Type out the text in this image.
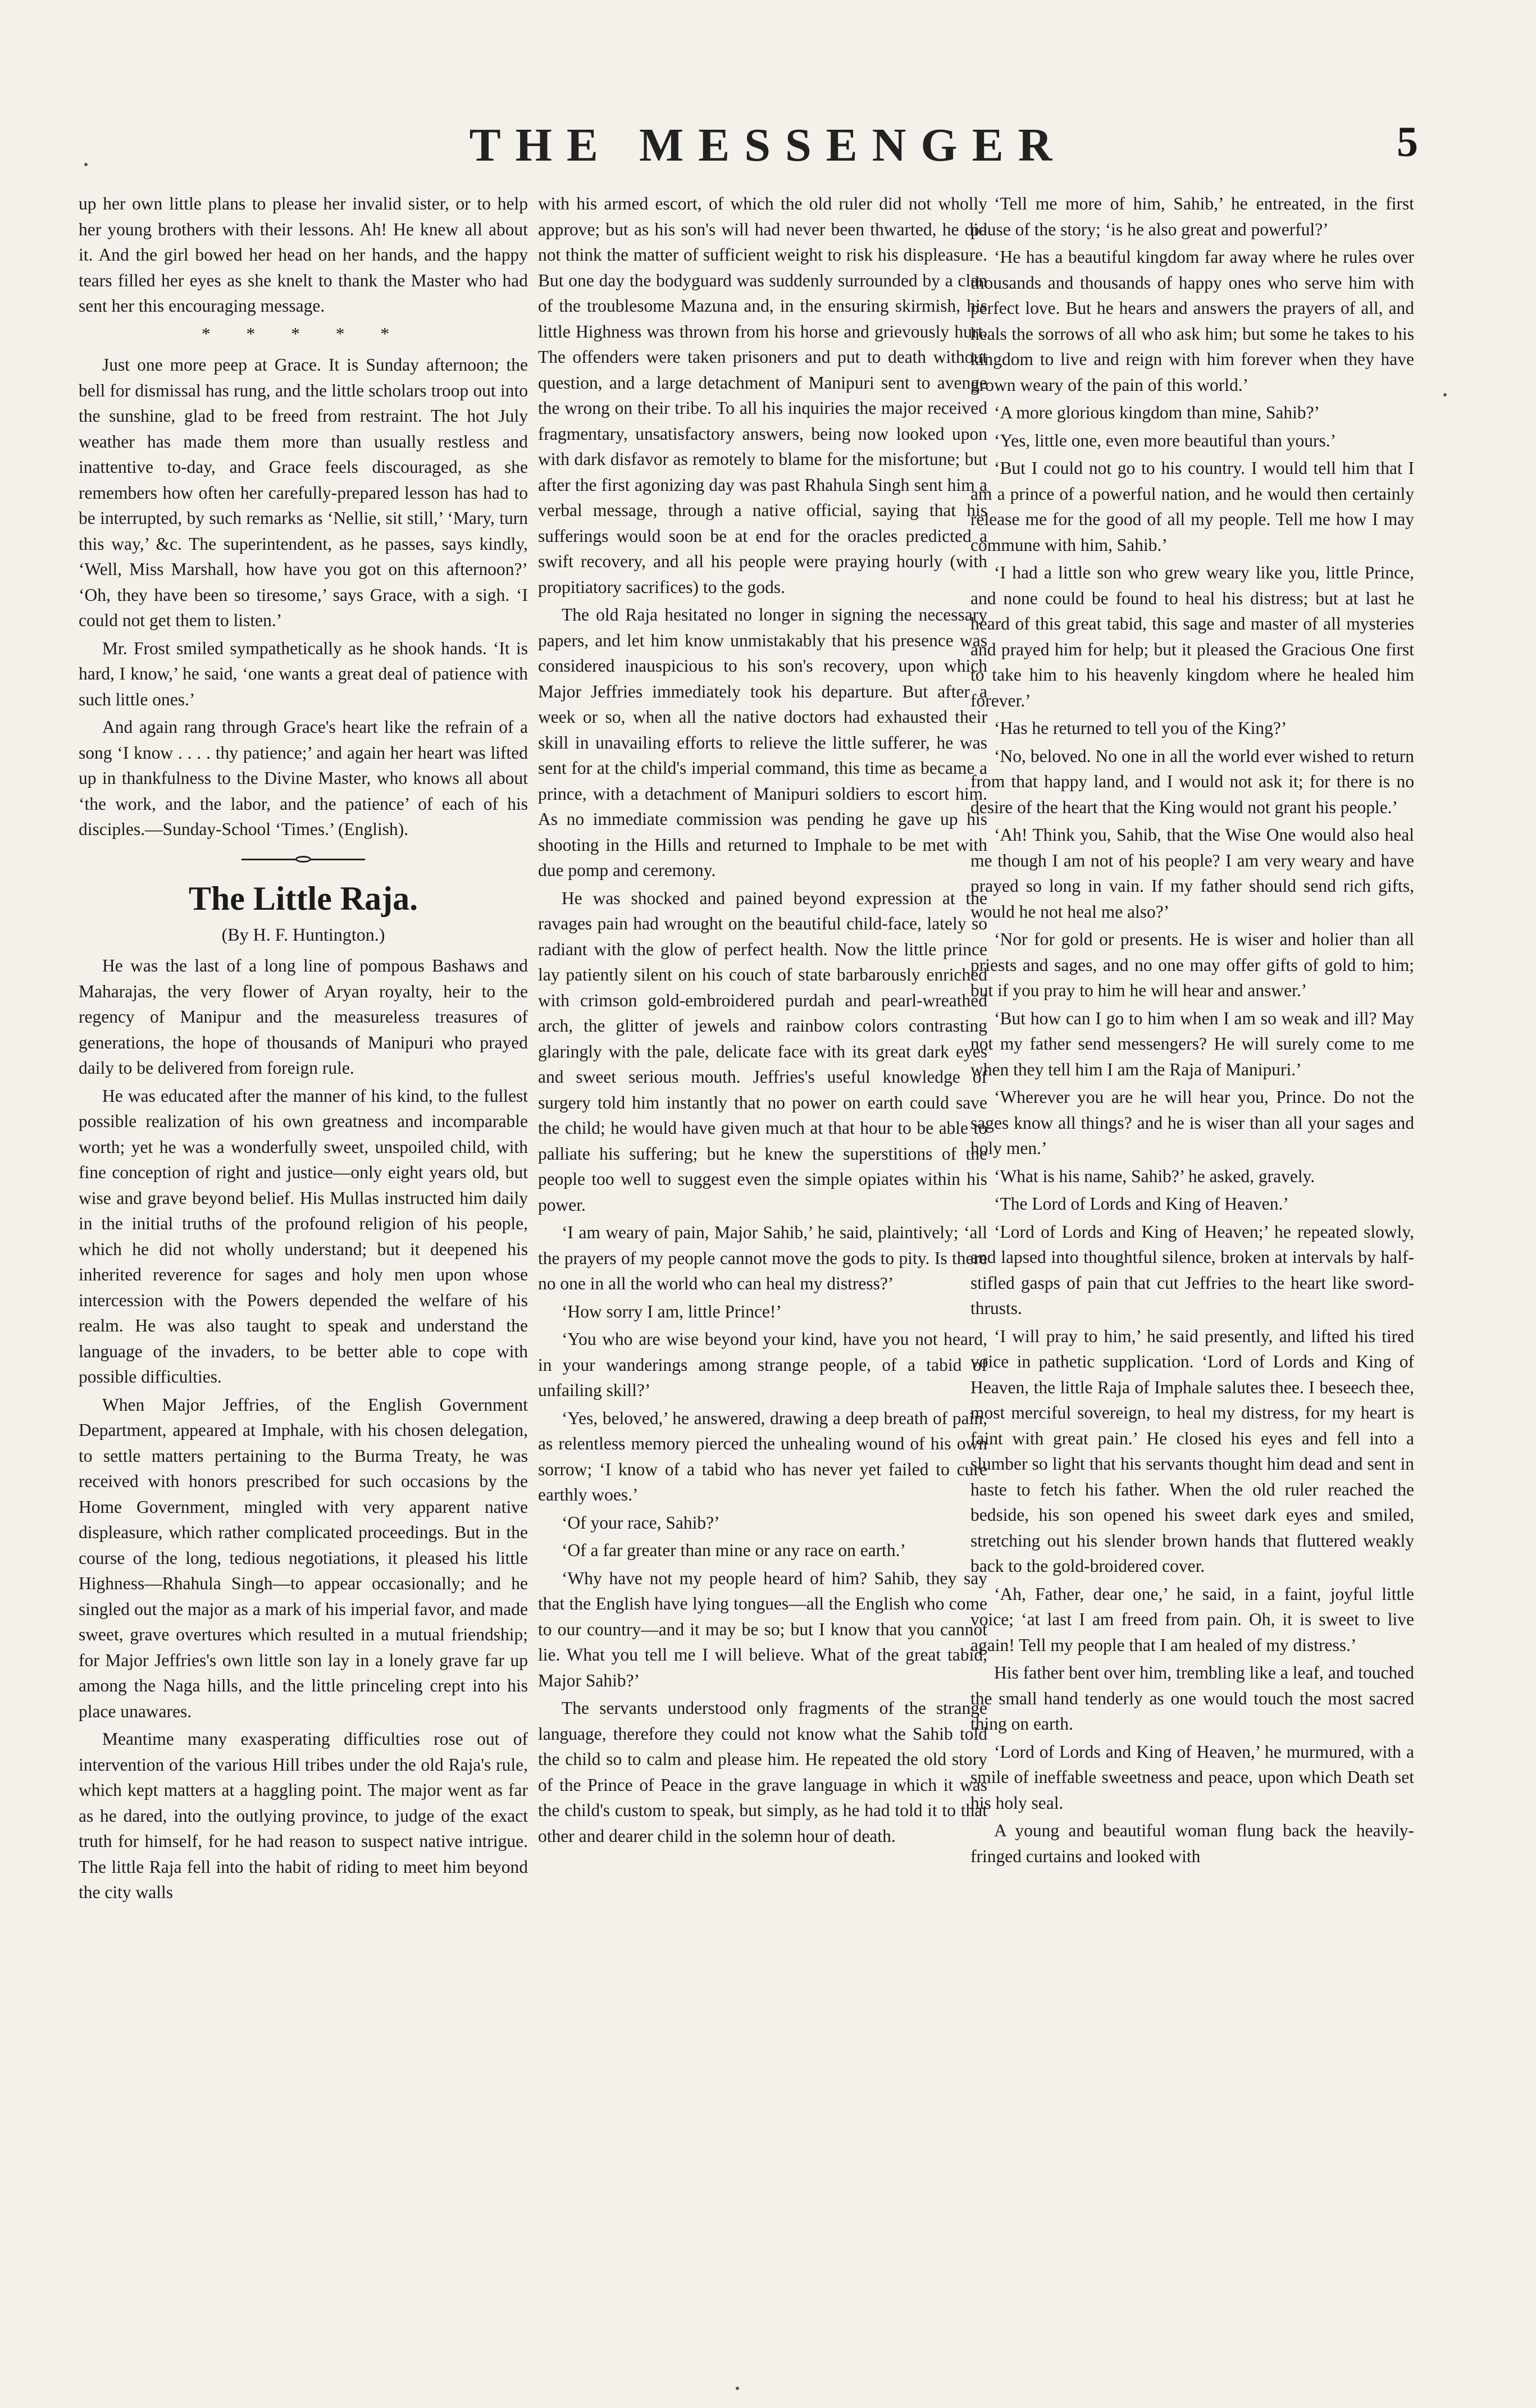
THE MESSENGER	5

up her own little plans to please her invalid sister, or to help her young brothers with their lessons. Ah! He knew all about it. And the girl bowed her head on her hands, and the happy tears filled her eyes as she knelt to thank the Master who had sent her this encouraging message.

* * * * *

Just one more peep at Grace. It is Sunday afternoon; the bell for dismissal has rung, and the little scholars troop out into the sunshine, glad to be freed from restraint. The hot July weather has made them more than usually restless and inattentive to-day, and Grace feels discouraged, as she remembers how often her carefully-prepared lesson has had to be interrupted, by such remarks as ‘Nellie, sit still,’ ‘Mary, turn this way,’ &c. The superintendent, as he passes, says kindly, ‘Well, Miss Marshall, how have you got on this afternoon?’ ‘Oh, they have been so tiresome,’ says Grace, with a sigh. ‘I could not get them to listen.’

Mr. Frost smiled sympathetically as he shook hands. ‘It is hard, I know,’ he said, ‘one wants a great deal of patience with such little ones.’

And again rang through Grace's heart like the refrain of a song ‘I know . . . . thy patience;’ and again her heart was lifted up in thankfulness to the Divine Master, who knows all about ‘the work, and the labor, and the patience’ of each of his disciples.—Sunday-School ‘Times.’ (English).

The Little Raja.
(By H. F. Huntington.)

He was the last of a long line of pompous Bashaws and Maharajas, the very flower of Aryan royalty, heir to the regency of Manipur and the measureless treasures of generations, the hope of thousands of Manipuri who prayed daily to be delivered from foreign rule.

He was educated after the manner of his kind, to the fullest possible realization of his own greatness and incomparable worth; yet he was a wonderfully sweet, unspoiled child, with fine conception of right and justice—only eight years old, but wise and grave beyond belief. His Mullas instructed him daily in the initial truths of the profound religion of his people, which he did not wholly understand; but it deepened his inherited reverence for sages and holy men upon whose intercession with the Powers depended the welfare of his realm. He was also taught to speak and understand the language of the invaders, to be better able to cope with possible difficulties.

When Major Jeffries, of the English Government Department, appeared at Imphale, with his chosen delegation, to settle matters pertaining to the Burma Treaty, he was received with honors prescribed for such occasions by the Home Government, mingled with very apparent native displeasure, which rather complicated proceedings. But in the course of the long, tedious negotiations, it pleased his little Highness—Rhahula Singh—to appear occasionally; and he singled out the major as a mark of his imperial favor, and made sweet, grave overtures which resulted in a mutual friendship; for Major Jeffries's own little son lay in a lonely grave far up among the Naga hills, and the little princeling crept into his place unawares.

Meantime many exasperating difficulties rose out of intervention of the various Hill tribes under the old Raja's rule, which kept matters at a haggling point. The major went as far as he dared, into the outlying province, to judge of the exact truth for himself, for he had reason to suspect native intrigue. The little Raja fell into the habit of riding to meet him beyond the city walls

with his armed escort, of which the old ruler did not wholly approve; but as his son's will had never been thwarted, he did not think the matter of sufficient weight to risk his displeasure. But one day the bodyguard was suddenly surrounded by a clan of the troublesome Mazuna and, in the ensuring skirmish, his little Highness was thrown from his horse and grievously hurt. The offenders were taken prisoners and put to death without question, and a large detachment of Manipuri sent to avenge the wrong on their tribe. To all his inquiries the major received fragmentary, unsatisfactory answers, being now looked upon with dark disfavor as remotely to blame for the misfortune; but after the first agonizing day was past Rhahula Singh sent him a verbal message, through a native official, saying that his sufferings would soon be at end for the oracles predicted a swift recovery, and all his people were praying hourly (with propitiatory sacrifices) to the gods.

The old Raja hesitated no longer in signing the necessary papers, and let him know unmistakably that his presence was considered inauspicious to his son's recovery, upon which Major Jeffries immediately took his departure. But after a week or so, when all the native doctors had exhausted their skill in unavailing efforts to relieve the little sufferer, he was sent for at the child's imperial command, this time as became a prince, with a detachment of Manipuri soldiers to escort him. As no immediate commission was pending he gave up his shooting in the Hills and returned to Imphale to be met with due pomp and ceremony.

He was shocked and pained beyond expression at the ravages pain had wrought on the beautiful child-face, lately so radiant with the glow of perfect health. Now the little prince lay patiently silent on his couch of state barbarously enriched with crimson gold-embroidered purdah and pearl-wreathed arch, the glitter of jewels and rainbow colors contrasting glaringly with the pale, delicate face with its great dark eyes and sweet serious mouth. Jeffries's useful knowledge of surgery told him instantly that no power on earth could save the child; he would have given much at that hour to be able to palliate his suffering; but he knew the superstitions of the people too well to suggest even the simple opiates within his power.

‘I am weary of pain, Major Sahib,’ he said, plaintively; ‘all the prayers of my people cannot move the gods to pity. Is there no one in all the world who can heal my distress?’

‘How sorry I am, little Prince!’

‘You who are wise beyond your kind, have you not heard, in your wanderings among strange people, of a tabid of unfailing skill?’

‘Yes, beloved,’ he answered, drawing a deep breath of pain, as relentless memory pierced the unhealing wound of his own sorrow; ‘I know of a tabid who has never yet failed to cure earthly woes.’

‘Of your race, Sahib?’

‘Of a far greater than mine or any race on earth.’

‘Why have not my people heard of him? Sahib, they say that the English have lying tongues—all the English who come to our country—and it may be so; but I know that you cannot lie. What you tell me I will believe. What of the great tabid, Major Sahib?’

The servants understood only fragments of the strange language, therefore they could not know what the Sahib told the child so to calm and please him. He repeated the old story of the Prince of Peace in the grave language in which it was the child's custom to speak, but simply, as he had told it to that other and dearer child in the solemn hour of death.

‘Tell me more of him, Sahib,’ he entreated, in the first pause of the story; ‘is he also great and powerful?’

‘He has a beautiful kingdom far away where he rules over thousands and thousands of happy ones who serve him with perfect love. But he hears and answers the prayers of all, and heals the sorrows of all who ask him; but some he takes to his kingdom to live and reign with him forever when they have grown weary of the pain of this world.’

‘A more glorious kingdom than mine, Sahib?’

‘Yes, little one, even more beautiful than yours.’

‘But I could not go to his country. I would tell him that I am a prince of a powerful nation, and he would then certainly release me for the good of all my people. Tell me how I may commune with him, Sahib.’

‘I had a little son who grew weary like you, little Prince, and none could be found to heal his distress; but at last he heard of this great tabid, this sage and master of all mysteries and prayed him for help; but it pleased the Gracious One first to take him to his heavenly kingdom where he healed him forever.’

‘Has he returned to tell you of the King?’

‘No, beloved. No one in all the world ever wished to return from that happy land, and I would not ask it; for there is no desire of the heart that the King would not grant his people.’

‘Ah! Think you, Sahib, that the Wise One would also heal me though I am not of his people? I am very weary and have prayed so long in vain. If my father should send rich gifts, would he not heal me also?’

‘Nor for gold or presents. He is wiser and holier than all priests and sages, and no one may offer gifts of gold to him; but if you pray to him he will hear and answer.’

‘But how can I go to him when I am so weak and ill? May not my father send messengers? He will surely come to me when they tell him I am the Raja of Manipuri.’

‘Wherever you are he will hear you, Prince. Do not the sages know all things? and he is wiser than all your sages and holy men.’

‘What is his name, Sahib?’ he asked, gravely.

‘The Lord of Lords and King of Heaven.’

‘Lord of Lords and King of Heaven;’ he repeated slowly, and lapsed into thoughtful silence, broken at intervals by half-stifled gasps of pain that cut Jeffries to the heart like sword-thrusts.

‘I will pray to him,’ he said presently, and lifted his tired voice in pathetic supplication. ‘Lord of Lords and King of Heaven, the little Raja of Imphale salutes thee. I beseech thee, most merciful sovereign, to heal my distress, for my heart is faint with great pain.’ He closed his eyes and fell into a slumber so light that his servants thought him dead and sent in haste to fetch his father. When the old ruler reached the bedside, his son opened his sweet dark eyes and smiled, stretching out his slender brown hands that fluttered weakly back to the gold-broidered cover.

‘Ah, Father, dear one,’ he said, in a faint, joyful little voice; ‘at last I am freed from pain. Oh, it is sweet to live again! Tell my people that I am healed of my distress.’

His father bent over him, trembling like a leaf, and touched the small hand tenderly as one would touch the most sacred thing on earth.

‘Lord of Lords and King of Heaven,’ he murmured, with a smile of ineffable sweetness and peace, upon which Death set his holy seal.

A young and beautiful woman flung back the heavily-fringed curtains and looked with
